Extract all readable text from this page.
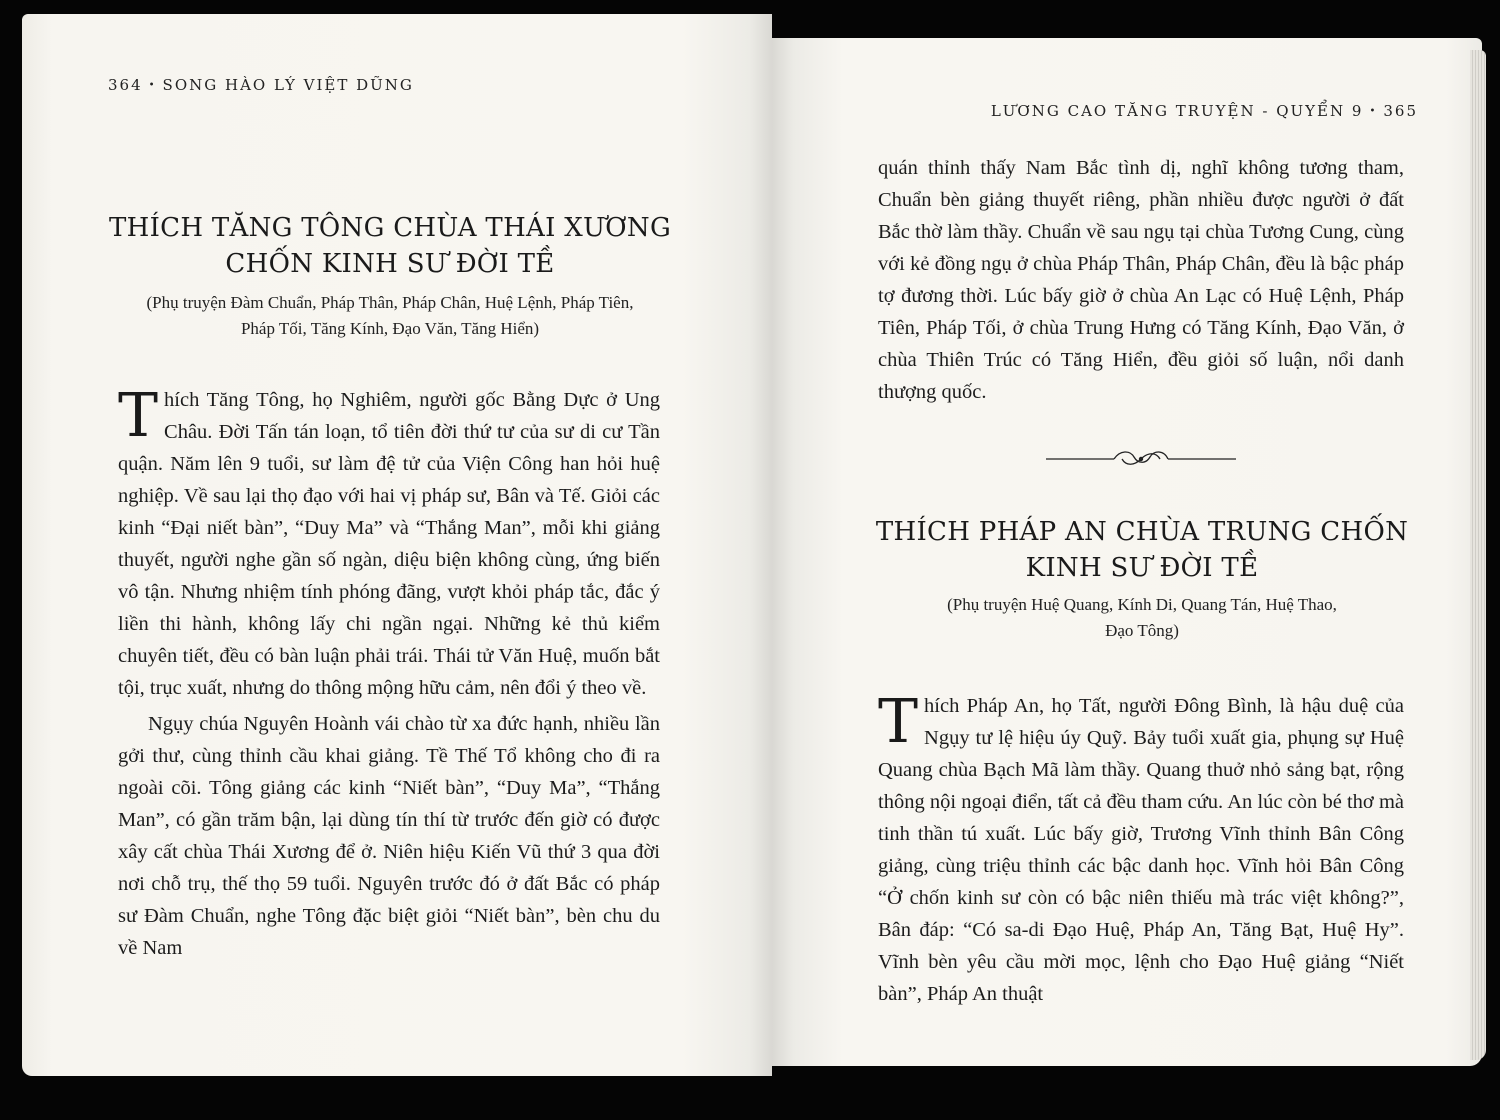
364 • SONG HÀO LÝ VIỆT DŨNG
THÍCH TĂNG TÔNG CHÙA THÁI XƯƠNG
CHỐN KINH SƯ ĐỜI TỀ
(Phụ truyện Đàm Chuẩn, Pháp Thân, Pháp Chân, Huệ Lệnh, Pháp Tiên,
Pháp Tối, Tăng Kính, Đạo Văn, Tăng Hiển)

Thích Tăng Tông, họ Nghiêm, người gốc Bằng Dực ở Ung Châu. Đời Tấn tán loạn, tổ tiên đời thứ tư của sư di cư Tần quận. Năm lên 9 tuổi, sư làm đệ tử của Viện Công han hỏi huệ nghiệp. Về sau lại thọ đạo với hai vị pháp sư, Bân và Tế. Giỏi các kinh “Đại niết bàn”, “Duy Ma” và “Thắng Man”, mỗi khi giảng thuyết, người nghe gần số ngàn, diệu biện không cùng, ứng biến vô tận. Nhưng nhiệm tính phóng đãng, vượt khỏi pháp tắc, đắc ý liền thi hành, không lấy chi ngần ngại. Những kẻ thủ kiểm chuyên tiết, đều có bàn luận phải trái. Thái tử Văn Huệ, muốn bắt tội, trục xuất, nhưng do thông mộng hữu cảm, nên đổi ý theo về.

Ngụy chúa Nguyên Hoành vái chào từ xa đức hạnh, nhiều lần gởi thư, cùng thỉnh cầu khai giảng. Tề Thế Tổ không cho đi ra ngoài cõi. Tông giảng các kinh “Niết bàn”, “Duy Ma”, “Thắng Man”, có gần trăm bận, lại dùng tín thí từ trước đến giờ có được xây cất chùa Thái Xương để ở. Niên hiệu Kiến Vũ thứ 3 qua đời nơi chỗ trụ, thế thọ 59 tuổi. Nguyên trước đó ở đất Bắc có pháp sư Đàm Chuẩn, nghe Tông đặc biệt giỏi “Niết bàn”, bèn chu du về Nam

LƯƠNG CAO TĂNG TRUYỆN - QUYỂN 9 • 365

quán thỉnh thấy Nam Bắc tình dị, nghĩ không tương tham, Chuẩn bèn giảng thuyết riêng, phần nhiều được người ở đất Bắc thờ làm thầy. Chuẩn về sau ngụ tại chùa Tương Cung, cùng với kẻ đồng ngụ ở chùa Pháp Thân, Pháp Chân, đều là bậc pháp tợ đương thời. Lúc bấy giờ ở chùa An Lạc có Huệ Lệnh, Pháp Tiên, Pháp Tối, ở chùa Trung Hưng có Tăng Kính, Đạo Văn, ở chùa Thiên Trúc có Tăng Hiển, đều giỏi số luận, nổi danh thượng quốc.

THÍCH PHÁP AN CHÙA TRUNG CHỐN
KINH SƯ ĐỜI TỀ
(Phụ truyện Huệ Quang, Kính Di, Quang Tán, Huệ Thao,
Đạo Tông)

Thích Pháp An, họ Tất, người Đông Bình, là hậu duệ của Ngụy tư lệ hiệu úy Quỹ. Bảy tuổi xuất gia, phụng sự Huệ Quang chùa Bạch Mã làm thầy. Quang thuở nhỏ sảng bạt, rộng thông nội ngoại điển, tất cả đều tham cứu. An lúc còn bé thơ mà tinh thần tú xuất. Lúc bấy giờ, Trương Vĩnh thỉnh Bân Công giảng, cùng triệu thỉnh các bậc danh học. Vĩnh hỏi Bân Công “Ở chốn kinh sư còn có bậc niên thiếu mà trác việt không?”, Bân đáp: “Có sa-di Đạo Huệ, Pháp An, Tăng Bạt, Huệ Hy”. Vĩnh bèn yêu cầu mời mọc, lệnh cho Đạo Huệ giảng “Niết bàn”, Pháp An thuật
